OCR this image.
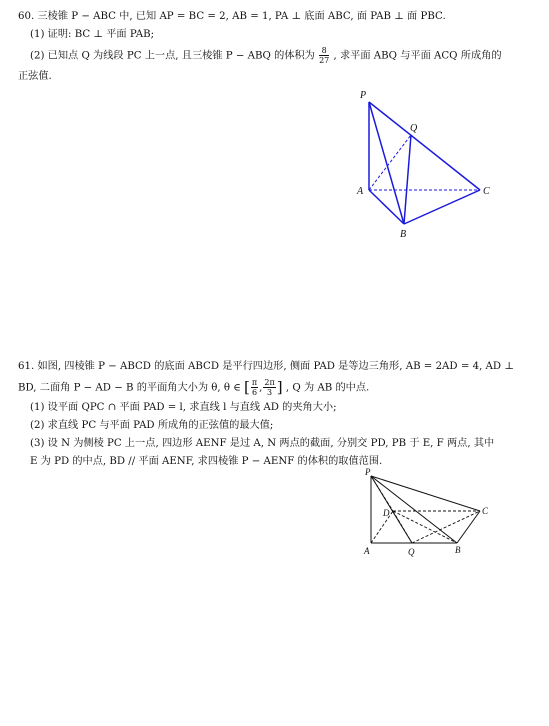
60. 三棱锥 P − ABC 中, 已知 AP = BC = 2, AB = 1, PA ⊥ 底面 ABC, 面 PAB ⊥ 面 PBC.
(1) 证明: BC ⊥ 平面 PAB;
(2) 已知点 Q 为线段 PC 上一点, 且三棱锥 P − ABQ 的体积为 $\frac{8}{27}$ , 求平面 ABQ 与平面 ACQ 所成角的
正弦值.
P
Q
A	C
B
61. 如图, 四棱锥 P − ABCD 的底面 ABCD 是平行四边形, 侧面 PAD 是等边三角形, AB = 2AD = 4, AD ⊥
BD, 二面角 P − AD − B 的平面角大小为 θ, θ ∈ [ $\frac{\pi}{6}$ , $\frac{2\pi}{3}$ ] , Q 为 AB 的中点.
(1) 设平面 QPC ∩ 平面 PAD = l, 求直线 l 与直线 AD 的夹角大小;
(2) 求直线 PC 与平面 PAD 所成角的正弦值的最大值;
(3) 设 N 为侧棱 PC 上一点, 四边形 AENF 是过 A, N 两点的截面, 分别交 PD, PB 于 E, F 两点, 其中
E 为 PD 的中点, BD // 平面 AENF, 求四棱锥 P − AENF 的体积的取值范围.
P
D	C
A	Q	B
